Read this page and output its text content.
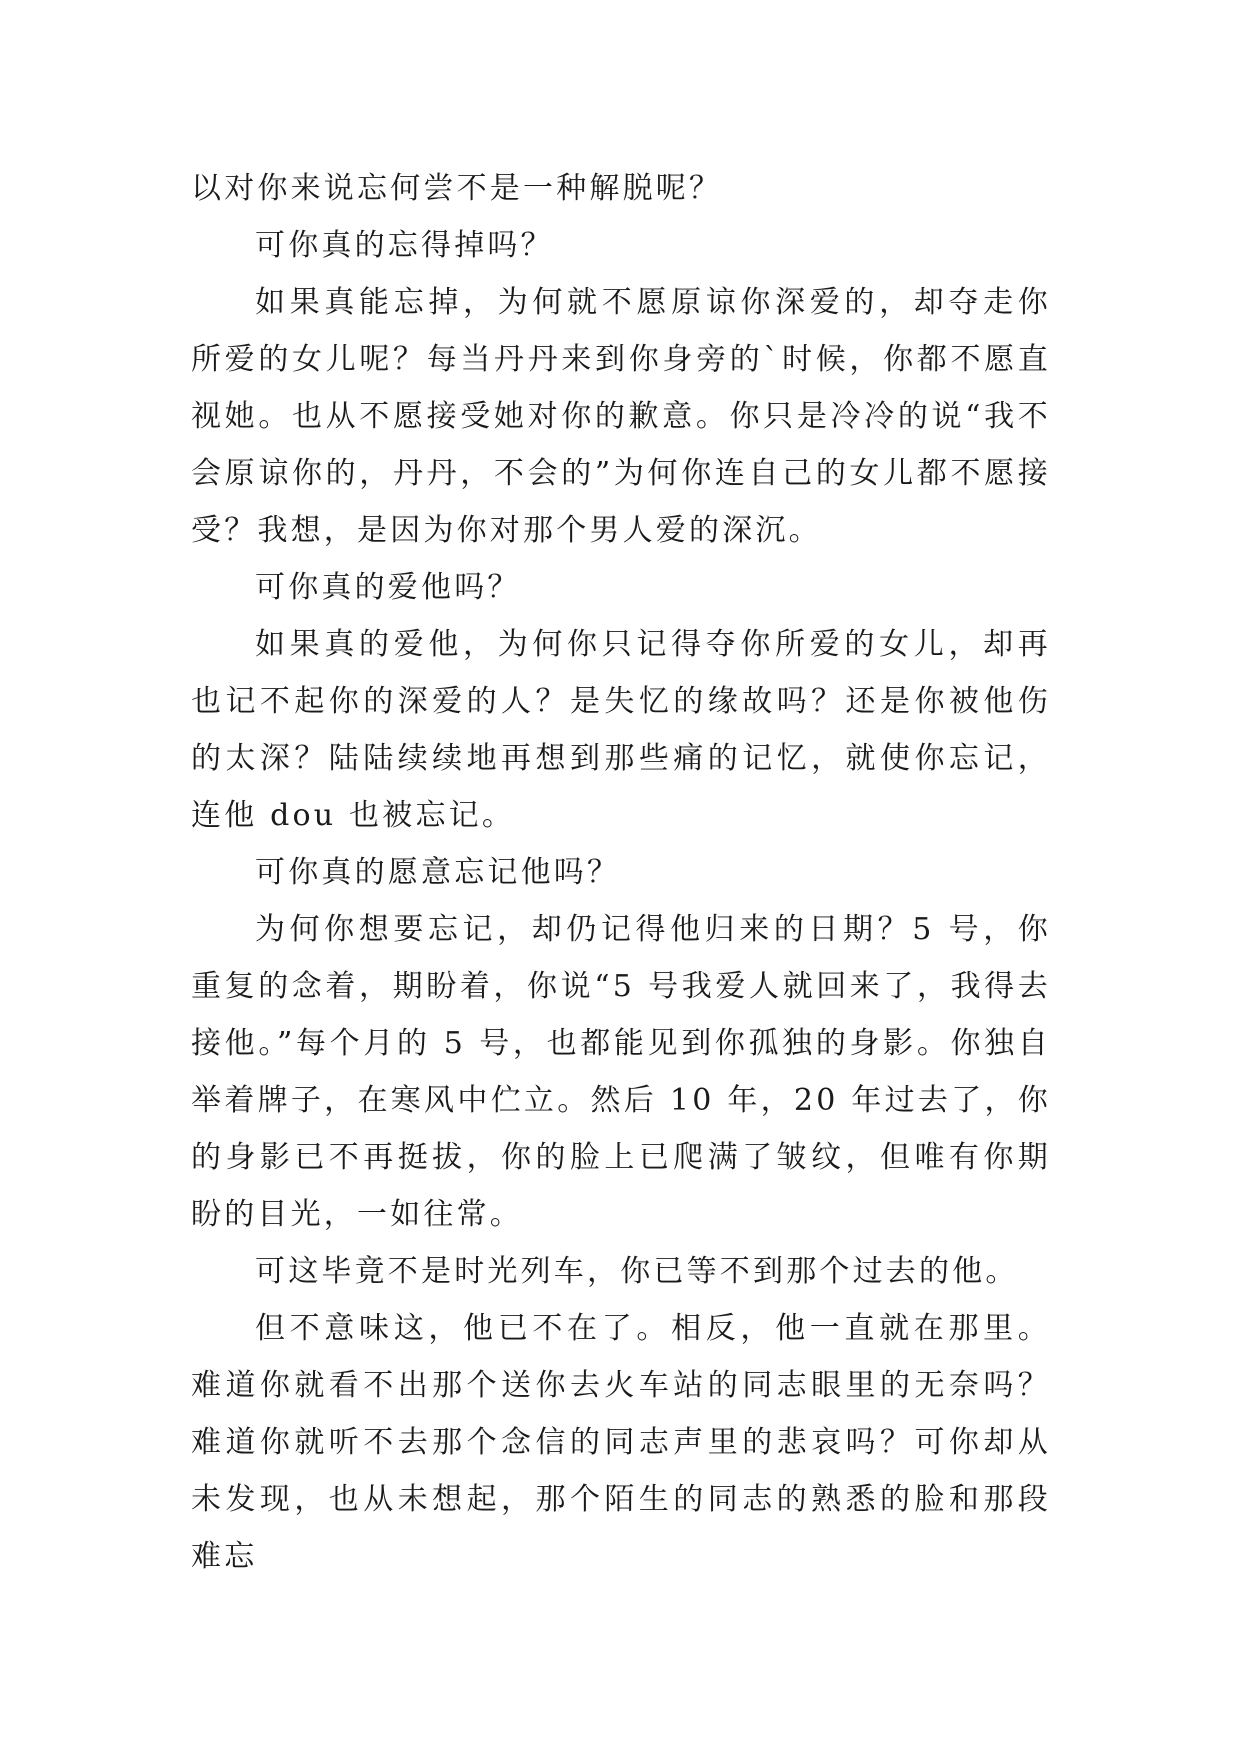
以对你来说忘何尝不是一种解脱呢？

可你真的忘得掉吗？

如果真能忘掉，为何就不愿原谅你深爱的，却夺走你所爱的女儿呢？每当丹丹来到你身旁的`时候，你都不愿直视她。也从不愿接受她对你的歉意。你只是冷冷的说“我不会原谅你的，丹丹，不会的”为何你连自己的女儿都不愿接受？我想，是因为你对那个男人爱的深沉。

可你真的爱他吗？

如果真的爱他，为何你只记得夺你所爱的女儿，却再也记不起你的深爱的人？是失忆的缘故吗？还是你被他伤的太深？陆陆续续地再想到那些痛的记忆，就使你忘记，连他 dou 也被忘记。

可你真的愿意忘记他吗？

为何你想要忘记，却仍记得他归来的日期？5 号，你重复的念着，期盼着，你说“5 号我爱人就回来了，我得去接他。”每个月的 5 号，也都能见到你孤独的身影。你独自举着牌子，在寒风中伫立。然后 10 年，20 年过去了，你的身影已不再挺拔，你的脸上已爬满了皱纹，但唯有你期盼的目光，一如往常。

可这毕竟不是时光列车，你已等不到那个过去的他。

但不意味这，他已不在了。相反，他一直就在那里。难道你就看不出那个送你去火车站的同志眼里的无奈吗？难道你就听不去那个念信的同志声里的悲哀吗？可你却从未发现，也从未想起，那个陌生的同志的熟悉的脸和那段难忘
